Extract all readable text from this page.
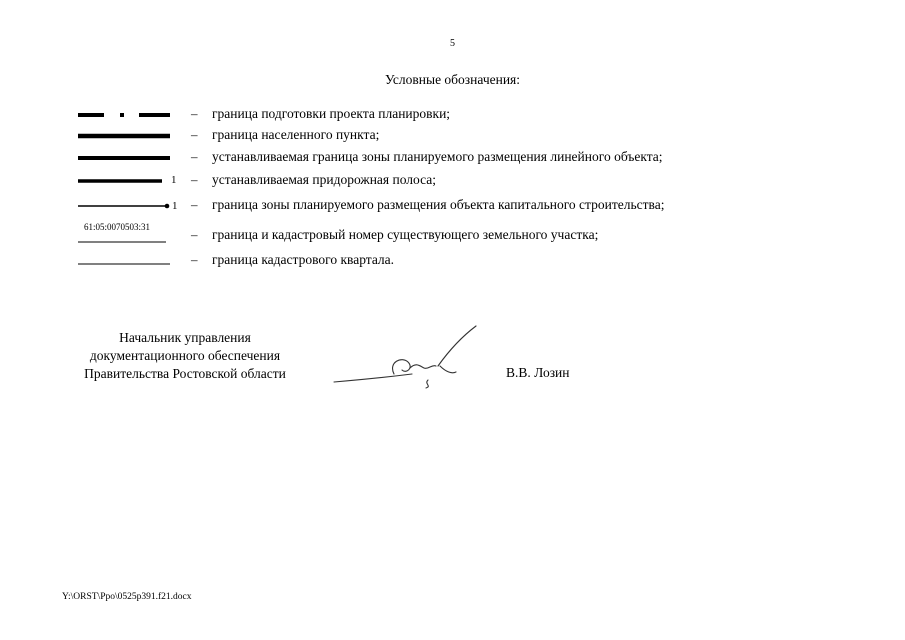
5
Условные обозначения:
– граница подготовки проекта планировки;
– граница населенного пункта;
– устанавливаемая граница зоны планируемого размещения линейного объекта;
1 – устанавливаемая придорожная полоса;
1 – граница зоны планируемого размещения объекта капитального строительства;
61:05:0070503:31	– граница и кадастровый номер существующего земельного участка;
– граница кадастрового квартала.
Начальник управления
документационного обеспечения
Правительства Ростовской области	В.В. Лозин
Y:\ORST\Ppo\0525p391.f21.docx
